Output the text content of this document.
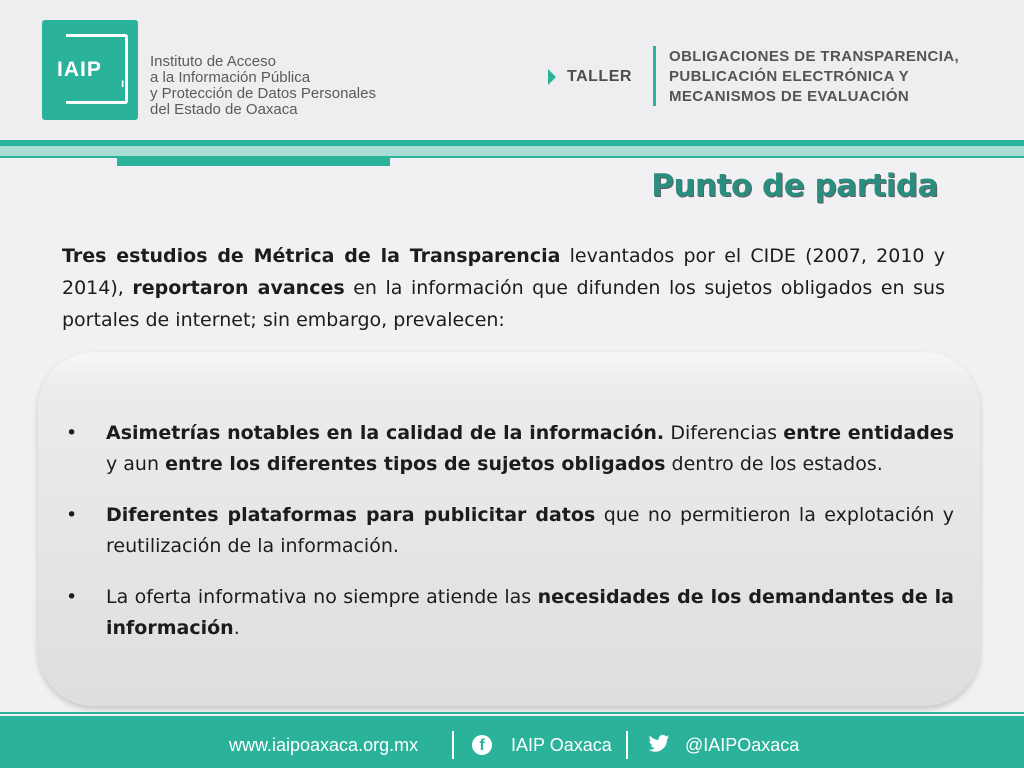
IAIP
I
Instituto de Acceso
a la Información Pública
y Protección de Datos Personales
del Estado de Oaxaca
TALLER
OBLIGACIONES DE TRANSPARENCIA,
PUBLICACIÓN ELECTRÓNICA Y
MECANISMOS DE EVALUACIÓN
Punto de partida

Tres estudios de Métrica de la Transparencia levantados por el CIDE (2007, 2010 y 2014), reportaron avances en la información que difunden los sujetos obligados en sus portales de internet; sin embargo, prevalecen:

• Asimetrías notables en la calidad de la información. Diferencias entre entidades y aun entre los diferentes tipos de sujetos obligados dentro de los estados.
• Diferentes plataformas para publicitar datos que no permitieron la explotación y reutilización de la información.
• La oferta informativa no siempre atiende las necesidades de los demandantes de la información.
www.iaipoaxaca.org.mx	f	IAIP Oaxaca	@IAIPOaxaca
